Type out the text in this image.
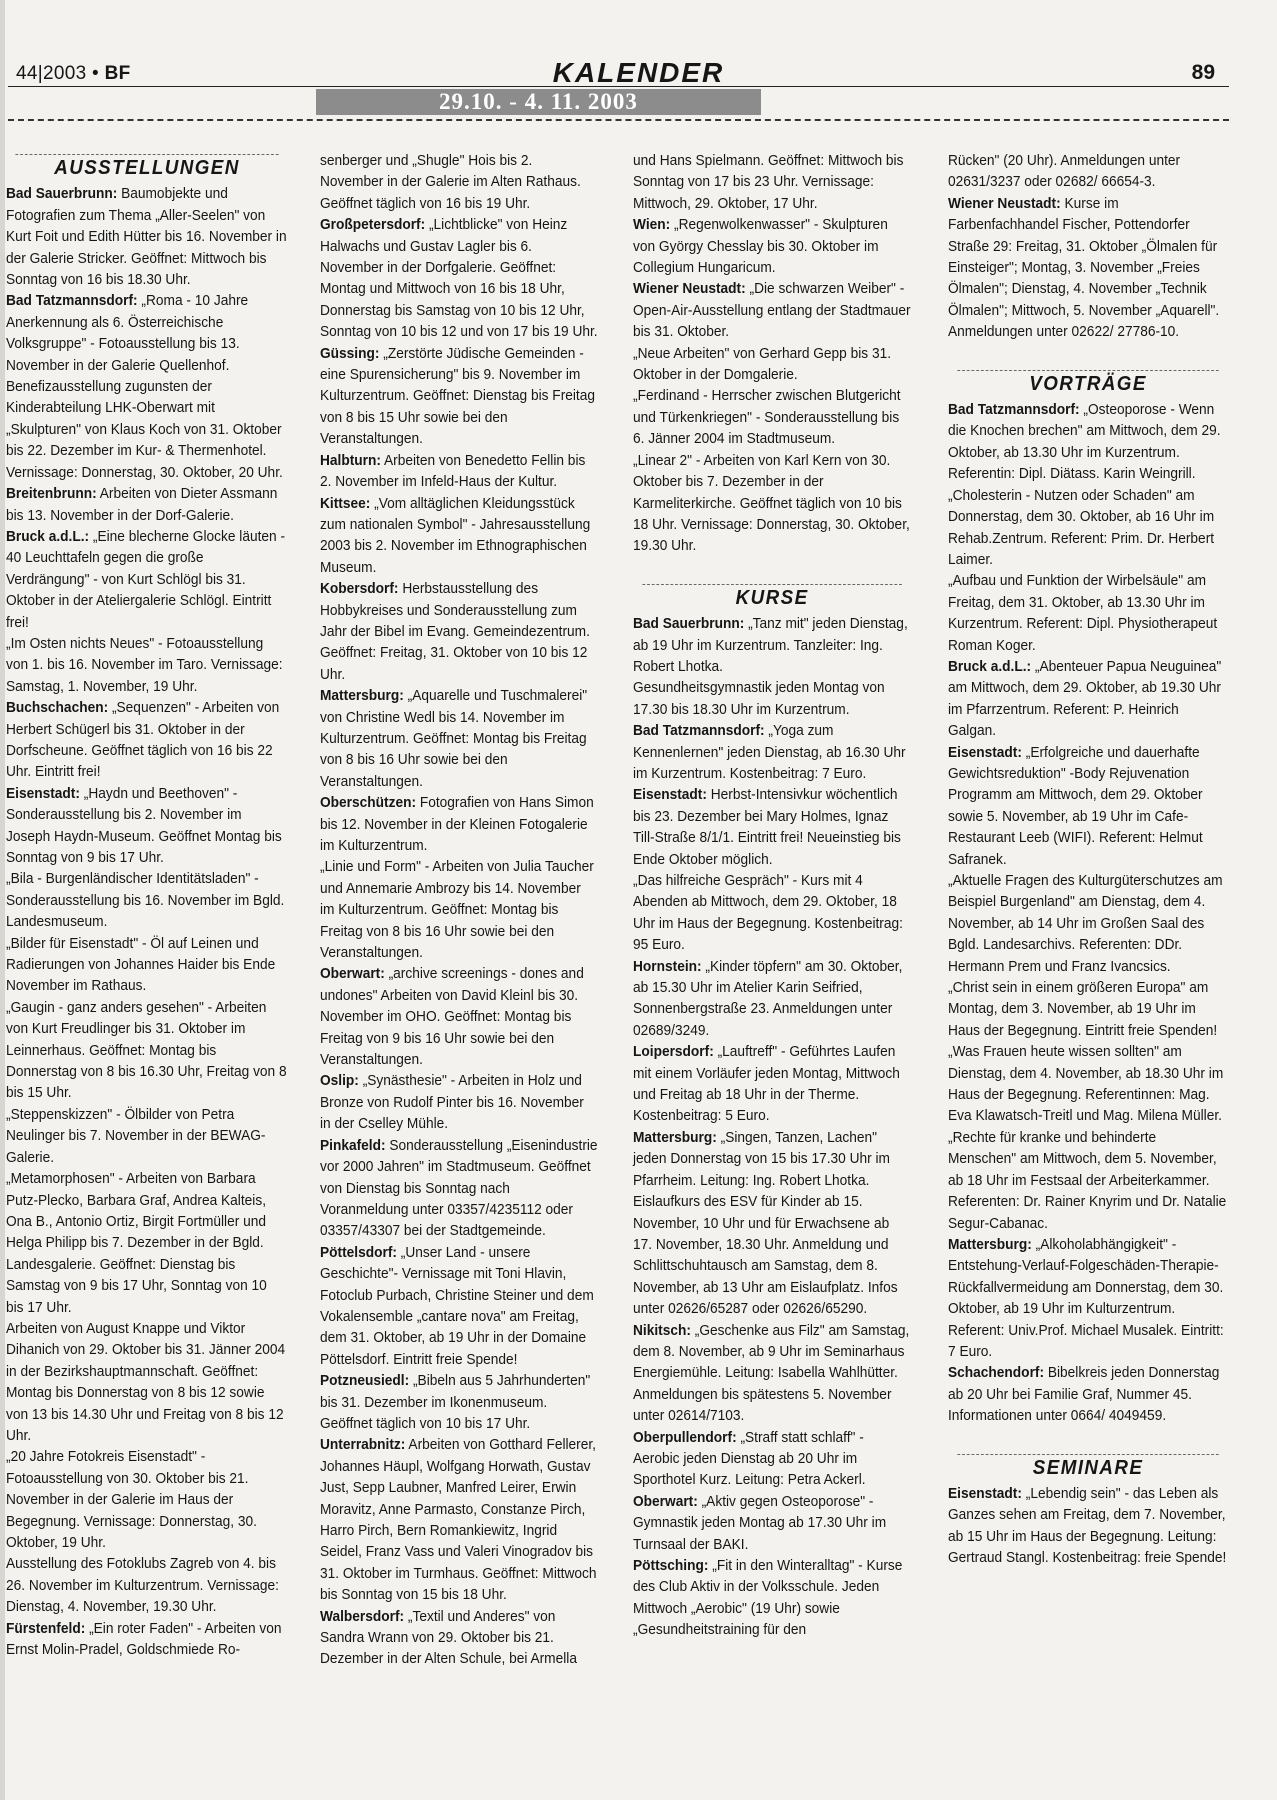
44|2003 • BF	KALENDER	89
29.10. - 4. 11. 2003
AUSSTELLUNGEN

Bad Sauerbrunn: Baumobjekte und Fotografien zum Thema „Aller-Seelen" von Kurt Foit und Edith Hütter bis 16. November in der Galerie Stricker. Geöffnet: Mittwoch bis Sonntag von 16 bis 18.30 Uhr.

Bad Tatzmannsdorf: „Roma - 10 Jahre Anerkennung als 6. Österreichische Volksgruppe" - Fotoausstellung bis 13. November in der Galerie Quellenhof.

Benefizausstellung zugunsten der Kinderabteilung LHK-Oberwart mit „Skulpturen" von Klaus Koch von 31. Oktober bis 22. Dezember im Kur- & Thermenhotel. Vernissage: Donnerstag, 30. Oktober, 20 Uhr.

Breitenbrunn: Arbeiten von Dieter Assmann bis 13. November in der Dorf-Galerie.

Bruck a.d.L.: „Eine blecherne Glocke läuten - 40 Leuchttafeln gegen die große Verdrängung" - von Kurt Schlögl bis 31. Oktober in der Ateliergalerie Schlögl. Eintritt frei!

„Im Osten nichts Neues" - Fotoausstellung von 1. bis 16. November im Taro. Vernissage: Samstag, 1. November, 19 Uhr.

Buchschachen: „Sequenzen" - Arbeiten von Herbert Schügerl bis 31. Oktober in der Dorfscheune. Geöffnet täglich von 16 bis 22 Uhr. Eintritt frei!

Eisenstadt: „Haydn und Beethoven" - Sonderausstellung bis 2. November im Joseph Haydn-Museum. Geöffnet Montag bis Sonntag von 9 bis 17 Uhr.

„Bila - Burgenländischer Identitätsladen" - Sonderausstellung bis 16. November im Bgld. Landesmuseum.

„Bilder für Eisenstadt" - Öl auf Leinen und Radierungen von Johannes Haider bis Ende November im Rathaus.

„Gaugin - ganz anders gesehen" - Arbeiten von Kurt Freudlinger bis 31. Oktober im Leinnerhaus. Geöffnet: Montag bis Donnerstag von 8 bis 16.30 Uhr, Freitag von 8 bis 15 Uhr.

„Steppenskizzen" - Ölbilder von Petra Neulinger bis 7. November in der BEWAG-Galerie.

„Metamorphosen" - Arbeiten von Barbara Putz-Plecko, Barbara Graf, Andrea Kalteis, Ona B., Antonio Ortiz, Birgit Fortmüller und Helga Philipp bis 7. Dezember in der Bgld. Landesgalerie. Geöffnet: Dienstag bis Samstag von 9 bis 17 Uhr, Sonntag von 10 bis 17 Uhr.

Arbeiten von August Knappe und Viktor Dihanich von 29. Oktober bis 31. Jänner 2004 in der Bezirkshauptmannschaft. Geöffnet: Montag bis Donnerstag von 8 bis 12 sowie von 13 bis 14.30 Uhr und Freitag von 8 bis 12 Uhr.

„20 Jahre Fotokreis Eisenstadt" - Fotoausstellung von 30. Oktober bis 21. November in der Galerie im Haus der Begegnung. Vernissage: Donnerstag, 30. Oktober, 19 Uhr.

Ausstellung des Fotoklubs Zagreb von 4. bis 26. November im Kulturzentrum. Vernissage: Dienstag, 4. November, 19.30 Uhr.

Fürstenfeld: „Ein roter Faden" - Arbeiten von Ernst Molin-Pradel, Goldschmiede Ro-

senberger und „Shugle" Hois bis 2. November in der Galerie im Alten Rathaus. Geöffnet täglich von 16 bis 19 Uhr.

Großpetersdorf: „Lichtblicke" von Heinz Halwachs und Gustav Lagler bis 6. November in der Dorfgalerie. Geöffnet: Montag und Mittwoch von 16 bis 18 Uhr, Donnerstag bis Samstag von 10 bis 12 Uhr, Sonntag von 10 bis 12 und von 17 bis 19 Uhr.

Güssing: „Zerstörte Jüdische Gemeinden - eine Spurensicherung" bis 9. November im Kulturzentrum. Geöffnet: Dienstag bis Freitag von 8 bis 15 Uhr sowie bei den Veranstaltungen.

Halbturn: Arbeiten von Benedetto Fellin bis 2. November im Infeld-Haus der Kultur.

Kittsee: „Vom alltäglichen Kleidungsstück zum nationalen Symbol" - Jahresausstellung 2003 bis 2. November im Ethnographischen Museum.

Kobersdorf: Herbstausstellung des Hobbykreises und Sonderausstellung zum Jahr der Bibel im Evang. Gemeindezentrum. Geöffnet: Freitag, 31. Oktober von 10 bis 12 Uhr.

Mattersburg: „Aquarelle und Tuschmalerei" von Christine Wedl bis 14. November im Kulturzentrum. Geöffnet: Montag bis Freitag von 8 bis 16 Uhr sowie bei den Veranstaltungen.

Oberschützen: Fotografien von Hans Simon bis 12. November in der Kleinen Fotogalerie im Kulturzentrum.

„Linie und Form" - Arbeiten von Julia Taucher und Annemarie Ambrozy bis 14. November im Kulturzentrum. Geöffnet: Montag bis Freitag von 8 bis 16 Uhr sowie bei den Veranstaltungen.

Oberwart: „archive screenings - dones and undones" Arbeiten von David Kleinl bis 30. November im OHO. Geöffnet: Montag bis Freitag von 9 bis 16 Uhr sowie bei den Veranstaltungen.

Oslip: „Synästhesie" - Arbeiten in Holz und Bronze von Rudolf Pinter bis 16. November in der Cselley Mühle.

Pinkafeld: Sonderausstellung „Eisenindustrie vor 2000 Jahren" im Stadtmuseum. Geöffnet von Dienstag bis Sonntag nach Voranmeldung unter 03357/4235112 oder 03357/43307 bei der Stadtgemeinde.

Pöttelsdorf: „Unser Land - unsere Geschichte"- Vernissage mit Toni Hlavin, Fotoclub Purbach, Christine Steiner und dem Vokalensemble „cantare nova" am Freitag, dem 31. Oktober, ab 19 Uhr in der Domaine Pöttelsdorf. Eintritt freie Spende!

Potzneusiedl: „Bibeln aus 5 Jahrhunderten" bis 31. Dezember im Ikonenmuseum. Geöffnet täglich von 10 bis 17 Uhr.

Unterrabnitz: Arbeiten von Gotthard Fellerer, Johannes Häupl, Wolfgang Horwath, Gustav Just, Sepp Laubner, Manfred Leirer, Erwin Moravitz, Anne Parmasto, Constanze Pirch, Harro Pirch, Bern Romankiewitz, Ingrid Seidel, Franz Vass und Valeri Vinogradov bis 31. Oktober im Turmhaus. Geöffnet: Mittwoch bis Sonntag von 15 bis 18 Uhr.

Walbersdorf: „Textil und Anderes" von Sandra Wrann von 29. Oktober bis 21. Dezember in der Alten Schule, bei Armella

und Hans Spielmann. Geöffnet: Mittwoch bis Sonntag von 17 bis 23 Uhr. Vernissage: Mittwoch, 29. Oktober, 17 Uhr.

Wien: „Regenwolkenwasser" - Skulpturen von György Chesslay bis 30. Oktober im Collegium Hungaricum.

Wiener Neustadt: „Die schwarzen Weiber" - Open-Air-Ausstellung entlang der Stadtmauer bis 31. Oktober.

„Neue Arbeiten" von Gerhard Gepp bis 31. Oktober in der Domgalerie.

„Ferdinand - Herrscher zwischen Blutgericht und Türkenkriegen" - Sonderausstellung bis 6. Jänner 2004 im Stadtmuseum.

„Linear 2" - Arbeiten von Karl Kern von 30. Oktober bis 7. Dezember in der Karmeliterkirche. Geöffnet täglich von 10 bis 18 Uhr. Vernissage: Donnerstag, 30. Oktober, 19.30 Uhr.

KURSE

Bad Sauerbrunn: „Tanz mit" jeden Dienstag, ab 19 Uhr im Kurzentrum. Tanzleiter: Ing. Robert Lhotka.

Gesundheitsgymnastik jeden Montag von 17.30 bis 18.30 Uhr im Kurzentrum.

Bad Tatzmannsdorf: „Yoga zum Kennenlernen" jeden Dienstag, ab 16.30 Uhr im Kurzentrum. Kostenbeitrag: 7 Euro.

Eisenstadt: Herbst-Intensivkur wöchentlich bis 23. Dezember bei Mary Holmes, Ignaz Till-Straße 8/1/1. Eintritt frei! Neueinstieg bis Ende Oktober möglich.

„Das hilfreiche Gespräch" - Kurs mit 4 Abenden ab Mittwoch, dem 29. Oktober, 18 Uhr im Haus der Begegnung. Kostenbeitrag: 95 Euro.

Hornstein: „Kinder töpfern" am 30. Oktober, ab 15.30 Uhr im Atelier Karin Seifried, Sonnenbergstraße 23. Anmeldungen unter 02689/3249.

Loipersdorf: „Lauftreff" - Geführtes Laufen mit einem Vorläufer jeden Montag, Mittwoch und Freitag ab 18 Uhr in der Therme. Kostenbeitrag: 5 Euro.

Mattersburg: „Singen, Tanzen, Lachen" jeden Donnerstag von 15 bis 17.30 Uhr im Pfarrheim. Leitung: Ing. Robert Lhotka.

Eislaufkurs des ESV für Kinder ab 15. November, 10 Uhr und für Erwachsene ab 17. November, 18.30 Uhr. Anmeldung und Schlittschuhtausch am Samstag, dem 8. November, ab 13 Uhr am Eislaufplatz. Infos unter 02626/65287 oder 02626/65290.

Nikitsch: „Geschenke aus Filz" am Samstag, dem 8. November, ab 9 Uhr im Seminarhaus Energiemühle. Leitung: Isabella Wahlhütter. Anmeldungen bis spätestens 5. November unter 02614/7103.

Oberpullendorf: „Straff statt schlaff" - Aerobic jeden Dienstag ab 20 Uhr im Sporthotel Kurz. Leitung: Petra Ackerl.

Oberwart: „Aktiv gegen Osteoporose" - Gymnastik jeden Montag ab 17.30 Uhr im Turnsaal der BAKI.

Pöttsching: „Fit in den Winteralltag" - Kurse des Club Aktiv in der Volksschule. Jeden Mittwoch „Aerobic" (19 Uhr) sowie „Gesundheitstraining für den

Rücken" (20 Uhr). Anmeldungen unter 02631/3237 oder 02682/ 66654-3.

Wiener Neustadt: Kurse im Farbenfachhandel Fischer, Pottendorfer Straße 29: Freitag, 31. Oktober „Ölmalen für Einsteiger"; Montag, 3. November „Freies Ölmalen"; Dienstag, 4. November „Technik Ölmalen"; Mittwoch, 5. November „Aquarell". Anmeldungen unter 02622/ 27786-10.

VORTRÄGE

Bad Tatzmannsdorf: „Osteoporose - Wenn die Knochen brechen" am Mittwoch, dem 29. Oktober, ab 13.30 Uhr im Kurzentrum. Referentin: Dipl. Diätass. Karin Weingrill.

„Cholesterin - Nutzen oder Schaden" am Donnerstag, dem 30. Oktober, ab 16 Uhr im Rehab.Zentrum. Referent: Prim. Dr. Herbert Laimer.

„Aufbau und Funktion der Wirbelsäule" am Freitag, dem 31. Oktober, ab 13.30 Uhr im Kurzentrum. Referent: Dipl. Physiotherapeut Roman Koger.

Bruck a.d.L.: „Abenteuer Papua Neuguinea" am Mittwoch, dem 29. Oktober, ab 19.30 Uhr im Pfarrzentrum. Referent: P. Heinrich Galgan.

Eisenstadt: „Erfolgreiche und dauerhafte Gewichtsreduktion" -Body Rejuvenation Programm am Mittwoch, dem 29. Oktober sowie 5. November, ab 19 Uhr im Cafe-Restaurant Leeb (WIFI). Referent: Helmut Safranek.

„Aktuelle Fragen des Kulturgüterschutzes am Beispiel Burgenland" am Dienstag, dem 4. November, ab 14 Uhr im Großen Saal des Bgld. Landesarchivs. Referenten: DDr. Hermann Prem und Franz Ivancsics.

„Christ sein in einem größeren Europa" am Montag, dem 3. November, ab 19 Uhr im Haus der Begegnung. Eintritt freie Spenden!

„Was Frauen heute wissen sollten" am Dienstag, dem 4. November, ab 18.30 Uhr im Haus der Begegnung. Referentinnen: Mag. Eva Klawatsch-Treitl und Mag. Milena Müller.

„Rechte für kranke und behinderte Menschen" am Mittwoch, dem 5. November, ab 18 Uhr im Festsaal der Arbeiterkammer. Referenten: Dr. Rainer Knyrim und Dr. Natalie Segur-Cabanac.

Mattersburg: „Alkoholabhängigkeit" - Entstehung-Verlauf-Folgeschäden-Therapie-Rückfallvermeidung am Donnerstag, dem 30. Oktober, ab 19 Uhr im Kulturzentrum. Referent: Univ.Prof. Michael Musalek. Eintritt: 7 Euro.

Schachendorf: Bibelkreis jeden Donnerstag ab 20 Uhr bei Familie Graf, Nummer 45. Informationen unter 0664/ 4049459.

SEMINARE

Eisenstadt: „Lebendig sein" - das Leben als Ganzes sehen am Freitag, dem 7. November, ab 15 Uhr im Haus der Begegnung. Leitung: Gertraud Stangl. Kostenbeitrag: freie Spende!
